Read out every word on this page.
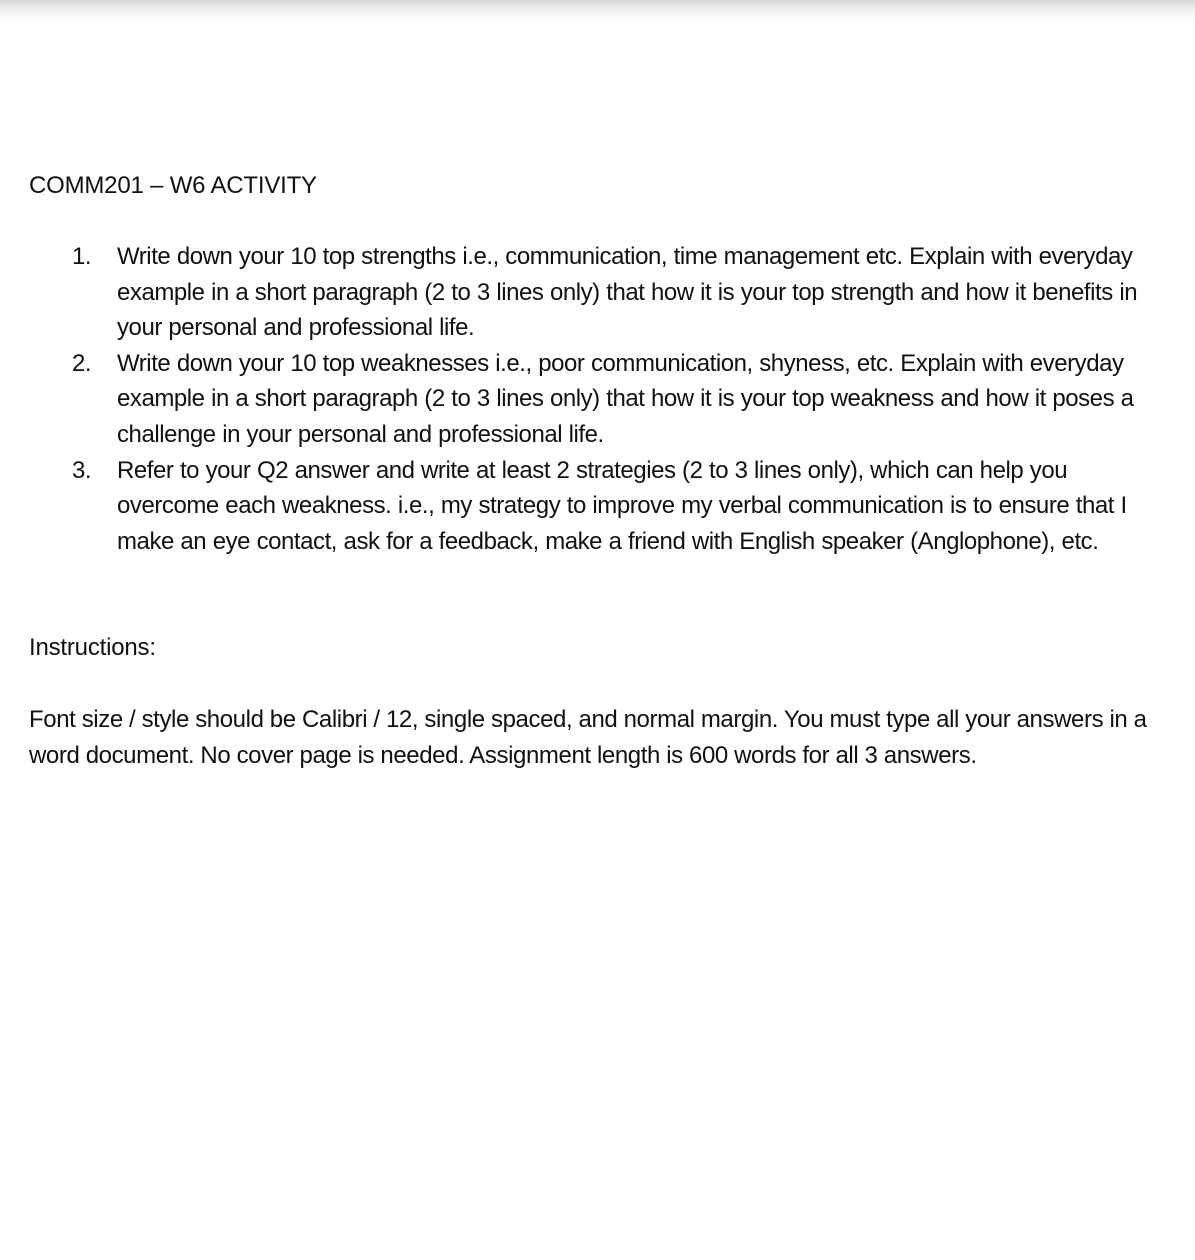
COMM201 – W6 ACTIVITY
1. Write down your 10 top strengths i.e., communication, time management etc. Explain with everyday example in a short paragraph (2 to 3 lines only) that how it is your top strength and how it benefits in your personal and professional life.
2. Write down your 10 top weaknesses i.e., poor communication, shyness, etc. Explain with everyday example in a short paragraph (2 to 3 lines only) that how it is your top weakness and how it poses a challenge in your personal and professional life.
3. Refer to your Q2 answer and write at least 2 strategies (2 to 3 lines only), which can help you overcome each weakness. i.e., my strategy to improve my verbal communication is to ensure that I make an eye contact, ask for a feedback, make a friend with English speaker (Anglophone), etc.
Instructions:

Font size / style should be Calibri / 12, single spaced, and normal margin. You must type all your answers in a word document. No cover page is needed. Assignment length is 600 words for all 3 answers.
